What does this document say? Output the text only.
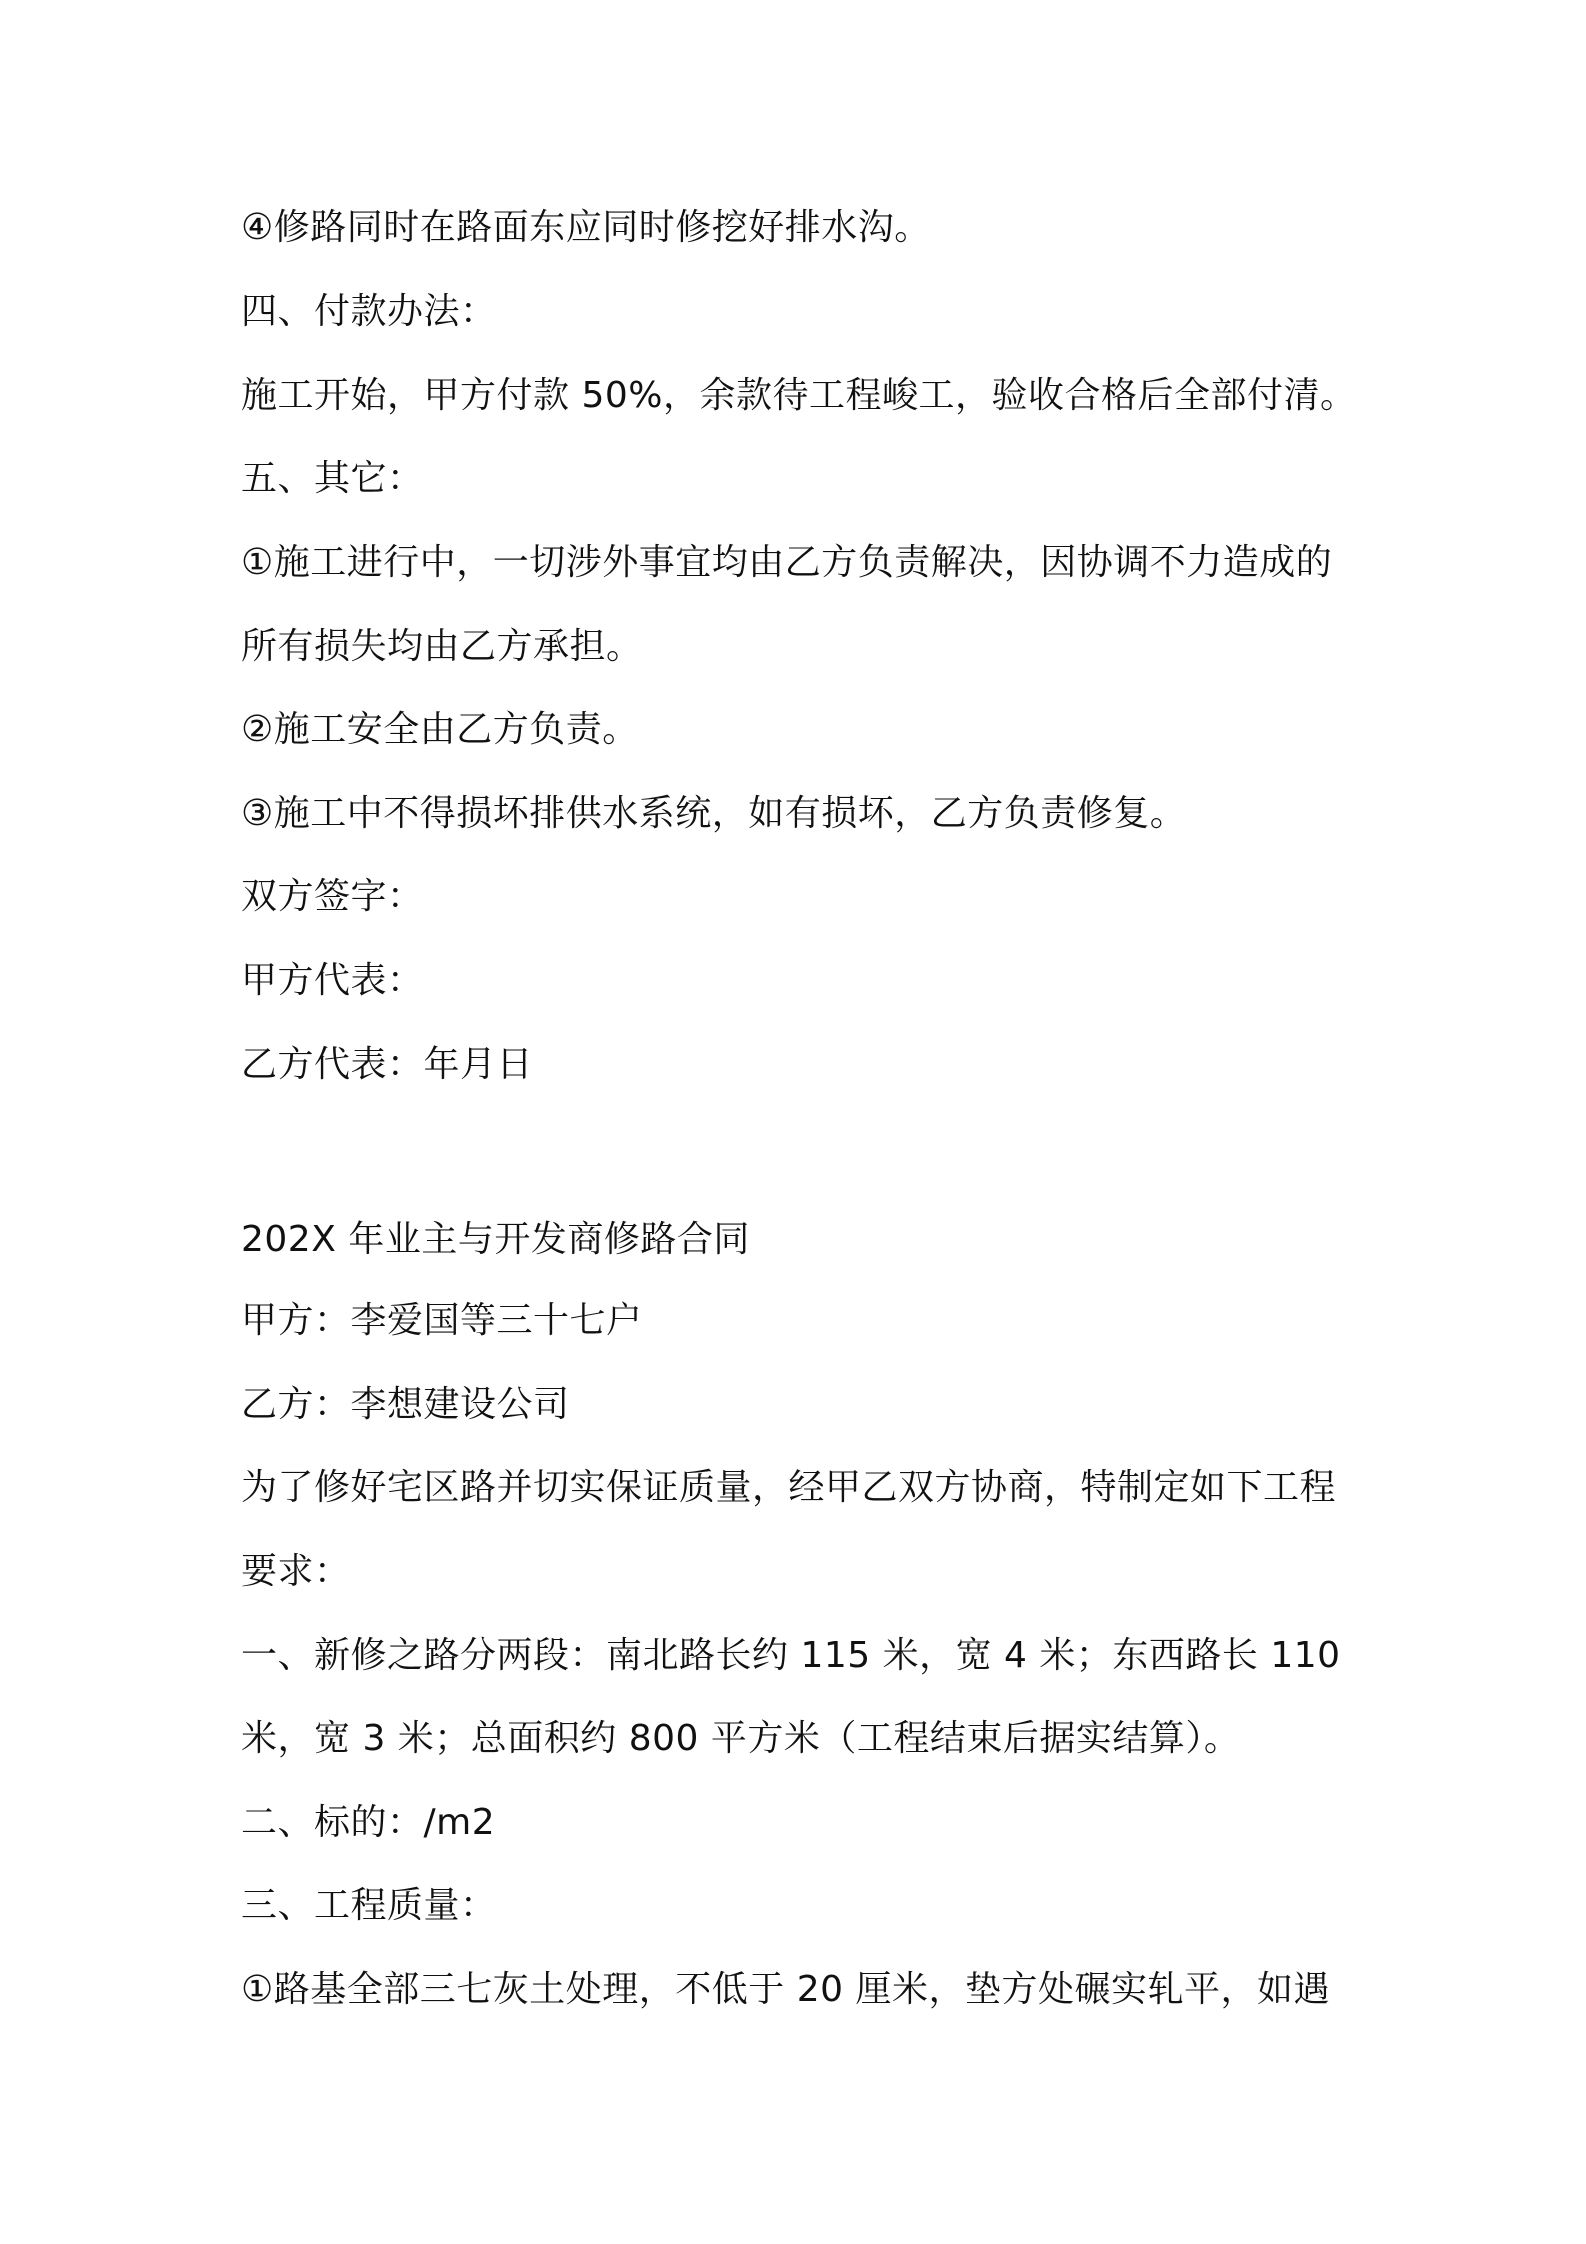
④修路同时在路面东应同时修挖好排水沟。
四、付款办法：
施工开始，甲方付款 50%，余款待工程峻工，验收合格后全部付清。
五、其它：
①施工进行中，一切涉外事宜均由乙方负责解决，因协调不力造成的
所有损失均由乙方承担。
②施工安全由乙方负责。
③施工中不得损坏排供水系统，如有损坏，乙方负责修复。
双方签字：
甲方代表：
乙方代表：年月日
202X 年业主与开发商修路合同
甲方：李爱国等三十七户
乙方：李想建设公司
为了修好宅区路并切实保证质量，经甲乙双方协商，特制定如下工程
要求：
一、新修之路分两段：南北路长约 115 米，宽 4 米；东西路长 110
米，宽 3 米；总面积约 800 平方米（工程结束后据实结算）。
二、标的：/m2
三、工程质量：
①路基全部三七灰土处理，不低于 20 厘米，垫方处碾实轧平，如遇
